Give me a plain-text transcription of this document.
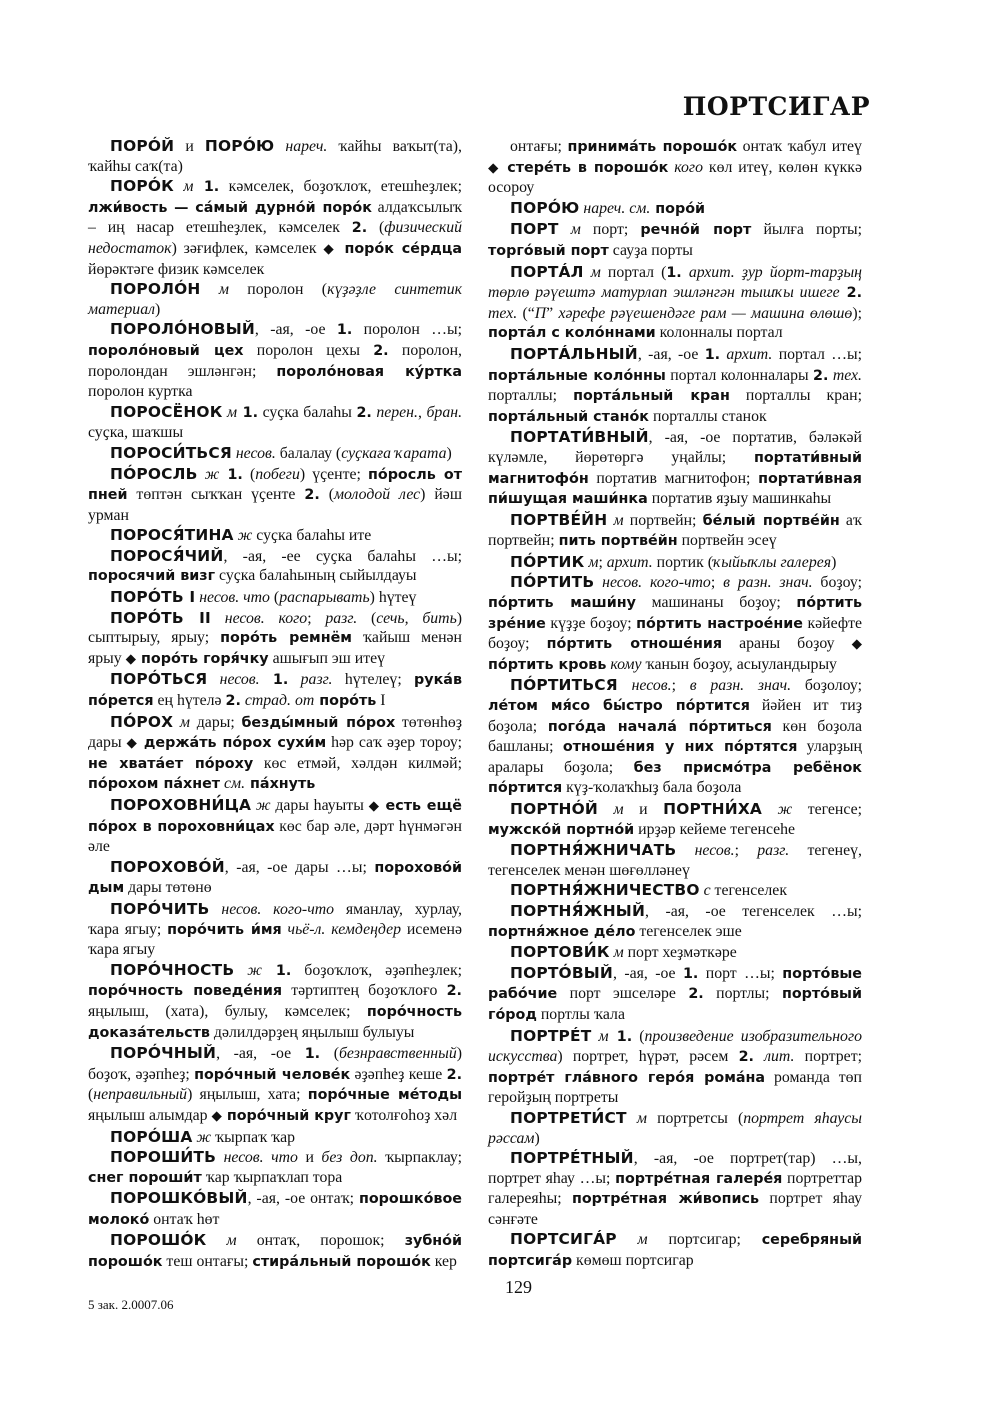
ПОРТСИГАР
ПОРÓЙ и ПОРÓЮ нареч. ҡайһы ваҡыт(та), ҡайһы саҡ(та)
ПОРÓК м 1. кәмселек, боҙоҡлоҡ, етешһеҙлек; лжи́вость — са́мый дурно́й поро́к алдаҡсылыҡ – иң насар етешһеҙлек, кәмселек 2. (физический недостаток) зәғифлек, кәмселек ◆ поро́к се́рдца йөрәктәге физик кәмселек
ПОРОЛÓН м поролон (күҙәҙле синтетик материал)
ПОРОЛÓНОВЫЙ, -ая, -ое 1. поролон …ы; пороло́новый цех поролон цехы 2. поролон, поролондан эшләнгән; пороло́новая ку́ртка поролон куртка
ПОРОСЁНОК м 1. суҫка балаһы 2. перен., бран. суҫка, шаҡшы
ПОРОСИ́ТЬСЯ несов. балалау (суҫкаға ҡарата)
ПÓРОСЛЬ ж 1. (побеги) үҫенте; по́росль от пней төптән сыҡҡан үҫенте 2. (молодой лес) йәш урман
ПОРОСЯ́ТИНА ж суҫка балаһы ите
ПОРОСЯ́ЧИЙ, -ая, -ее суҫка балаһы …ы; поросячий визг суҫка балаһының сыйылдауы
ПОРÓТЬ I несов. что (распарывать) һүтеү
ПОРÓТЬ II несов. кого; разг. (сечь, бить) сыптырыу, ярыу; поро́ть ремнём ҡайыш менән ярыу ◆ поро́ть горя́чку ашығып эш итеү
ПОРÓТЬСЯ несов. 1. разг. һүтелеү; рука́в по́рется ең һүтелә 2. страд. от поро́ть I
ПÓРОХ м дары; безды́мный по́рох төтөнһөҙ дары ◆ держа́ть по́рох сухи́м һәр саҡ әҙер тороу; не хвата́ет по́роху көс етмәй, хәлдән килмәй; по́рохом па́хнет см. па́хнуть
ПОРОХОВНИ́ЦА ж дары һауыты ◆ есть ещё по́рох в пороховни́цах көс бар әле, дәрт һүнмәгән әле
ПОРОХОВÓЙ, -ая, -ое дары …ы; порохово́й дым дары төтөнө
ПОРÓЧИТЬ несов. кого-что яманлау, хурлау, ҡара ягыу; поро́чить и́мя чьё-л. кемдеңдер исеменә ҡара ягыу
ПОРÓЧНОСТЬ ж 1. боҙоҡлоҡ, әҙәпһеҙлек; поро́чность поведе́ния тәртиптең боҙоҡлоғо 2. яңылыш, (хата), булыу, кәмселек; поро́чность доказа́тельств дәлилдәрҙең яңылыш булыуы
ПОРÓЧНЫЙ, -ая, -ое 1. (безнравственный) боҙоҡ, әҙәпһеҙ; поро́чный челове́к әҙәпһеҙ кеше 2. (неправильный) яңылыш, хата; поро́чные ме́тоды яңылыш алымдар ◆ поро́чный круг ҡотолғоһоҙ хәл
ПОРÓША ж ҡырпаҡ ҡар
ПОРОШИ́ТЬ несов. что и без доп. ҡырпаклау; снег пороши́т ҡар ҡырпаҡлап тора
ПОРОШКÓВЫЙ, -ая, -ое онтаҡ; порошко́вое молоко́ онтаҡ һөт
ПОРОШÓК м онтаҡ, порошок; зубно́й порошо́к теш онтағы; стира́льный порошо́к кер
онтағы; принима́ть порошо́к онтаҡ ҡабул итеү ◆ стере́ть в порошо́к кого көл итеү, көлөн күккә осороу
ПОРÓЮ нареч. см. поро́й
ПОРТ м порт; речно́й порт йылға порты; торго́вый порт сауҙа порты
ПОРТÁЛ м портал (1. архит. ҙур йорт-тарҙың төрлө рәүештә матурлап эшләнгән тышҡы ишеге 2. тех. (“П” хәрефе рәүешендәге рам — машина өлөшө); порта́л с коло́ннами колонналы портал
ПОРТÁЛЬНЫЙ, -ая, -ое 1. архит. портал …ы; порта́льные коло́нны портал колонналары 2. тех. порталлы; порта́льный кран порталлы кран; порта́льный стано́к порталлы станок
ПОРТАТИ́ВНЫЙ, -ая, -ое портатив, бәләкәй күләмле, йөрөтөргә уңайлы; портати́вный магнитофо́н портатив магнитофон; портати́вная пи́шущая маши́нка портатив яҙыу машинкаһы
ПОРТВЕ́ЙН м портвейн; бе́лый портве́йн аҡ портвейн; пить портве́йн портвейн эсеү
ПÓРТИК м; архит. портик (ҡыйыҡлы галерея)
ПÓРТИТЬ несов. кого-что; в разн. знач. боҙоу; по́ртить маши́ну машинаны боҙоу; по́ртить зре́ние күҙҙе боҙоу; по́ртить настрое́ние кәйефте боҙоу; по́ртить отноше́ния араны боҙоу ◆ по́ртить кровь кому ҡанын боҙоу, асыуландырыу
ПÓРТИТЬСЯ несов.; в разн. знач. боҙолоу; ле́том мя́со бы́стро по́ртится йәйен ит тиҙ боҙола; пого́да начала́ по́ртиться көн боҙола башланы; отноше́ния у них по́ртятся уларҙың аралары боҙола; без присмо́тра ребёнок по́ртится күҙ-ҡолаҡһыҙ бала боҙола
ПОРТНÓЙ м и ПОРТНИ́ХА ж тегенсе; мужско́й портно́й ирҙәр кейеме тегенсеһе
ПОРТНЯ́ЖНИЧАТЬ несов.; разг. тегенеү, тегенселек менән шөғөлләнеү
ПОРТНЯ́ЖНИЧЕСТВО с тегенселек
ПОРТНЯ́ЖНЫЙ, -ая, -ое тегенселек …ы; портня́жное де́ло тегенселек эше
ПОРТОВИ́К м порт хеҙмәткәре
ПОРТÓВЫЙ, -ая, -ое 1. порт …ы; порто́вые рабо́чие порт эшселәре 2. портлы; порто́вый го́род портлы ҡала
ПОРТРÉТ м 1. (произведение изобразительного искусства) портрет, һүрәт, рәсем 2. лит. портрет; портре́т гла́вного геро́я рома́на романда төп геройҙың портреты
ПОРТРЕТИ́СТ м портретсы (портрет яһаусы рәссам)
ПОРТРÉТНЫЙ, -ая, -ое портрет(тар) …ы, портрет яһау …ы; портре́тная галере́я портреттар галереяһы; портре́тная жи́вопись портрет яһау сәнғәте
ПОРТСИГÁР м портсигар; серебряный портсига́р көмөш портсигар
129
5 зак. 2.0007.06
